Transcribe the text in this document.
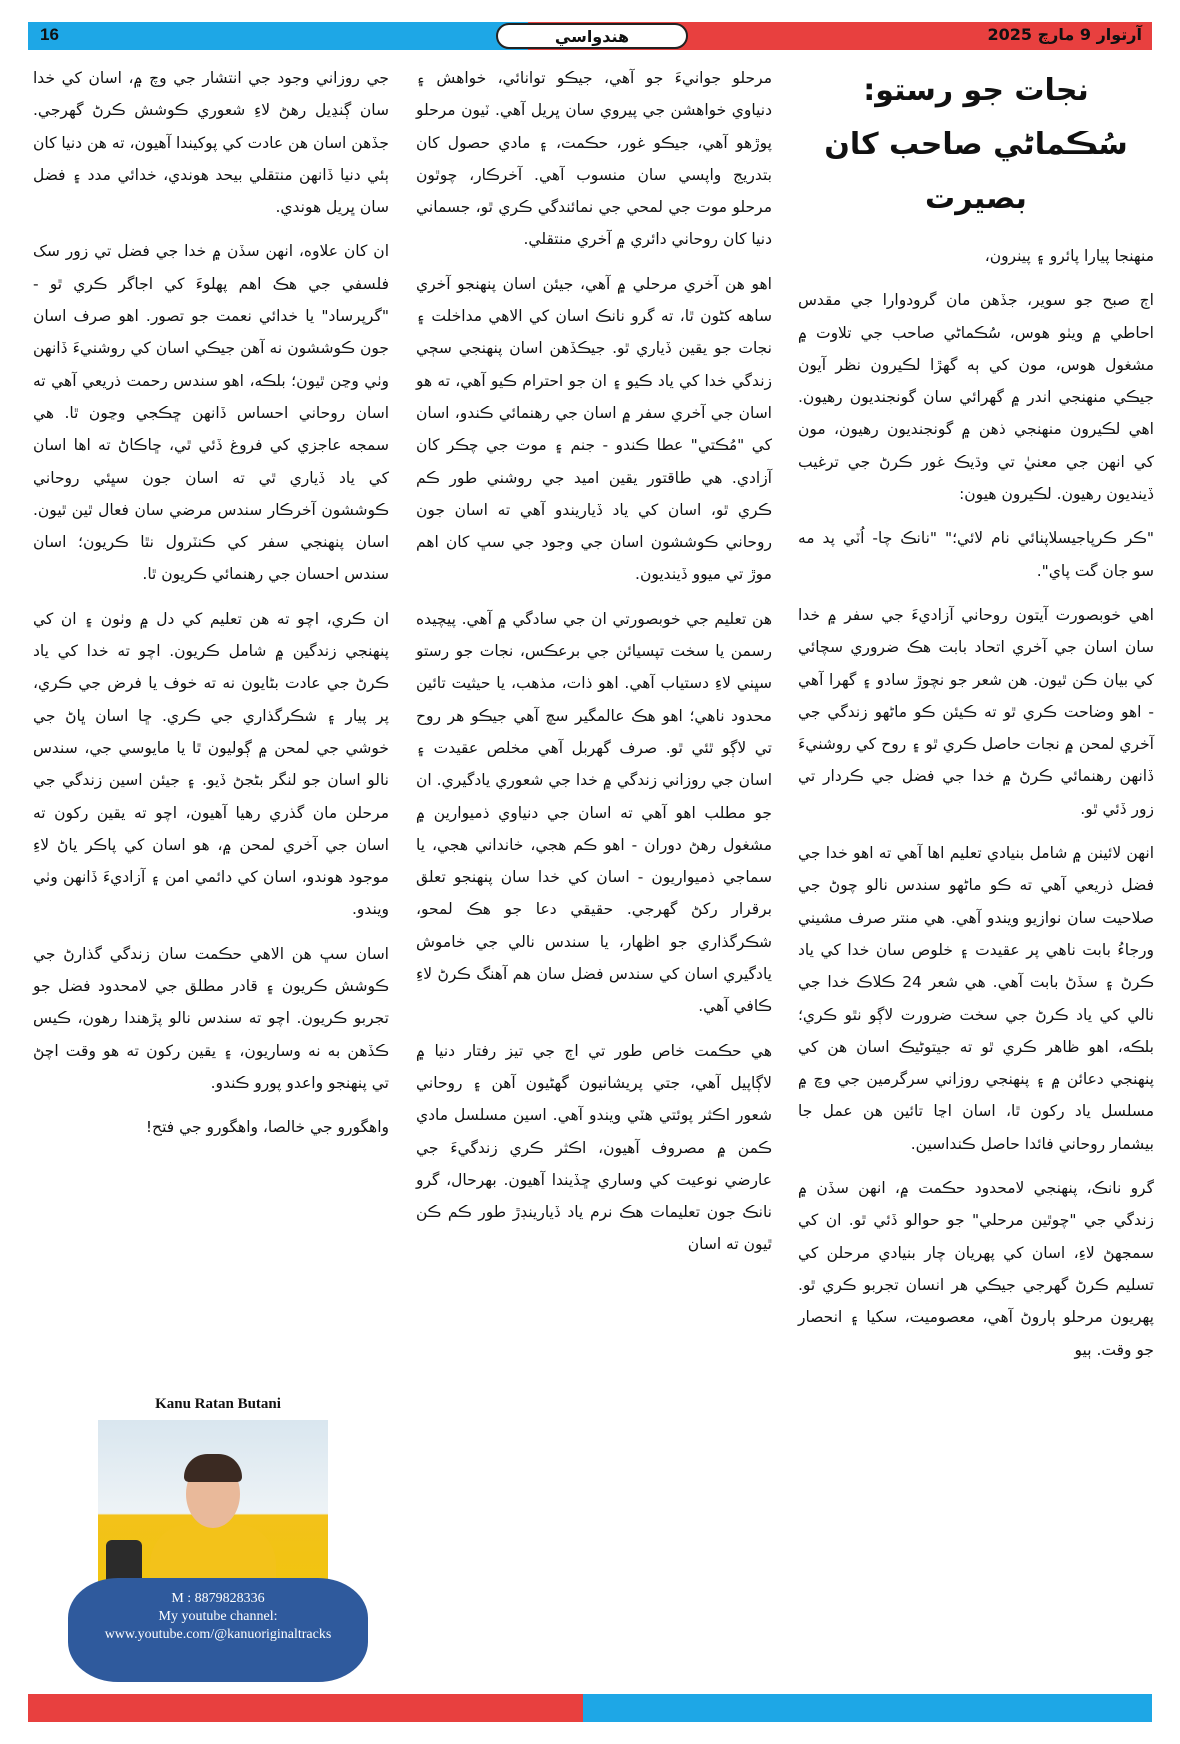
16	هندواسي	آرتوار 9 مارچ 2025
نجات جو رستو: سُڪماڻي صاحب کان بصيرت

منهنجا پيارا پائرو ۽ پينرون،

اڄ صبح جو سوير، جڏهن مان گرودوارا جي مقدس احاطي ۾ ويٺو هوس، سُڪماڻي صاحب جي تلاوت ۾ مشغول هوس، مون کي ٻه گهڙا لڪيرون نظر آيون جيڪي منهنجي اندر ۾ گهرائي سان گونجنديون رهيون. اهي لڪيرون منهنجي ذهن ۾ گونجنديون رهيون، مون کي انهن جي معنيٰ تي وڌيڪ غور ڪرڻ جي ترغيب ڏينديون رهيون. لڪيرون هيون:

"ڪر ڪرپاجيسلاپنائي نام لائي؛" "نانڪ چا- اُٽي پد مه سو جان گت پاي".

اهي خوبصورت آيتون روحاني آزاديءَ جي سفر ۾ خدا سان اسان جي آخري اتحاد بابت هڪ ضروري سچائي کي بيان ڪن ٿيون. هن شعر جو نچوڙ سادو ۽ گهرا آهي - اهو وضاحت ڪري ٿو ته ڪيئن ڪو ماڻهو زندگي جي آخري لمحن ۾ نجات حاصل ڪري ٿو ۽ روح کي روشنيءَ ڏانهن رهنمائي ڪرڻ ۾ خدا جي فضل جي ڪردار تي زور ڏئي ٿو.

انهن لائينن ۾ شامل بنيادي تعليم اها آهي ته اهو خدا جي فضل ذريعي آهي ته ڪو ماڻهو سندس نالو چوڻ جي صلاحيت سان نوازيو ويندو آهي. هي منتر صرف مشيني ورجاءُ بابت ناهي پر عقيدت ۽ خلوص سان خدا کي ياد ڪرڻ ۽ سڏڻ بابت آهي. هي شعر 24 ڪلاڪ خدا جي نالي کي ياد ڪرڻ جي سخت ضرورت لاڳو نٿو ڪري؛ بلڪه، اهو ظاهر ڪري ٿو ته جيتوڻيڪ اسان هن کي پنهنجي دعائن ۾ ۽ پنهنجي روزاني سرگرمين جي وچ ۾ مسلسل ياد رکون ٿا، اسان اڃا تائين هن عمل جا بيشمار روحاني فائدا حاصل ڪنداسين.

گرو نانڪ، پنهنجي لامحدود حڪمت ۾، انهن سڏن ۾ زندگي جي "چوٿين مرحلي" جو حوالو ڏئي ٿو. ان کي سمجهڻ لاءِ، اسان کي پهريان چار بنيادي مرحلن کي تسليم ڪرڻ گهرجي جيڪي هر انسان تجربو ڪري ٿو. پهريون مرحلو ٻاروڻ آهي، معصوميت، سکيا ۽ انحصار جو وقت. ٻيو

مرحلو جوانيءَ جو آهي، جيڪو توانائي، خواهش ۽ دنياوي خواهشن جي پيروي سان ڀريل آهي. ٽيون مرحلو پوڙهو آهي، جيڪو غور، حڪمت، ۽ مادي حصول کان بتدريج واپسي سان منسوب آهي. آخرڪار، چوٿون مرحلو موت جي لمحي جي نمائندگي ڪري ٿو، جسماني دنيا کان روحاني دائري ۾ آخري منتقلي.

اهو هن آخري مرحلي ۾ آهي، جيئن اسان پنهنجو آخري ساهه کڻون ٿا، ته گرو نانڪ اسان کي الاهي مداخلت ۽ نجات جو يقين ڏياري ٿو. جيڪڏهن اسان پنهنجي سڄي زندگي خدا کي ياد ڪيو ۽ ان جو احترام ڪيو آهي، ته هو اسان جي آخري سفر ۾ اسان جي رهنمائي ڪندو، اسان کي "مُڪتي" عطا ڪندو - جنم ۽ موت جي چڪر کان آزادي. هي طاقتور يقين اميد جي روشني طور ڪم ڪري ٿو، اسان کي ياد ڏياريندو آهي ته اسان جون روحاني ڪوششون اسان جي وجود جي سڀ کان اهم موڙ تي ميوو ڏينديون.

هن تعليم جي خوبصورتي ان جي سادگي ۾ آهي. پيچيده رسمن يا سخت تپسيائن جي برعڪس، نجات جو رستو سڀني لاءِ دستياب آهي. اهو ذات، مذهب، يا حيثيت تائين محدود ناهي؛ اهو هڪ عالمگير سچ آهي جيڪو هر روح تي لاڳو ٿئي ٿو. صرف گهربل آهي مخلص عقيدت ۽ اسان جي روزاني زندگي ۾ خدا جي شعوري يادگيري. ان جو مطلب اهو آهي ته اسان جي دنياوي ذميوارين ۾ مشغول رهڻ دوران - اهو ڪم هجي، خانداني هجي، يا سماجي ذميواريون - اسان کي خدا سان پنهنجو تعلق برقرار رکڻ گهرجي. حقيقي دعا جو هڪ لمحو، شڪرگذاري جو اظهار، يا سندس نالي جي خاموش يادگيري اسان کي سندس فضل سان هم آهنگ ڪرڻ لاءِ ڪافي آهي.

هي حڪمت خاص طور تي اڄ جي تيز رفتار دنيا ۾ لاڳاپيل آهي، جتي پريشانيون گهڻيون آهن ۽ روحاني شعور اڪثر پوئتي هٽي ويندو آهي. اسين مسلسل مادي ڪمن ۾ مصروف آهيون، اڪثر ڪري زندگيءَ جي عارضي نوعيت کي وساري ڇڏيندا آهيون. بهرحال، گرو نانڪ جون تعليمات هڪ نرم ياد ڏيارينڊڙ طور ڪم ڪن ٿيون ته اسان

جي روزاني وجود جي انتشار جي وچ ۾، اسان کي خدا سان ڳنڍيل رهڻ لاءِ شعوري ڪوشش ڪرڻ گهرجي. جڏهن اسان هن عادت کي پوکيندا آهيون، ته هن دنيا کان ٻئي دنيا ڏانهن منتقلي بيحد هوندي، خدائي مدد ۽ فضل سان ڀريل هوندي.

ان کان علاوه، انهن سڏن ۾ خدا جي فضل تي زور سک فلسفي جي هڪ اهم پهلوءَ کي اجاگر ڪري ٿو - "گرپرساد" يا خدائي نعمت جو تصور. اهو صرف اسان جون ڪوششون نه آهن جيڪي اسان کي روشنيءَ ڏانهن وٺي وڃن ٿيون؛ بلڪه، اهو سندس رحمت ذريعي آهي ته اسان روحاني احساس ڏانهن ڇڪجي وڃون ٿا. هي سمجه عاجزي کي فروغ ڏئي ٿي، ڇاڪاڻ ته اها اسان کي ياد ڏياري ٿي ته اسان جون سڀئي روحاني ڪوششون آخرڪار سندس مرضي سان فعال ٿين ٿيون. اسان پنهنجي سفر کي ڪنٽرول نٿا ڪريون؛ اسان سندس احسان جي رهنمائي ڪريون ٿا.

ان ڪري، اچو ته هن تعليم کي دل ۾ وٺون ۽ ان کي پنهنجي زندگين ۾ شامل ڪريون. اچو ته خدا کي ياد ڪرڻ جي عادت بڻايون نه ته خوف يا فرض جي ڪري، پر پيار ۽ شڪرگذاري جي ڪري. ڇا اسان ڀاڻ جي خوشي جي لمحن ۾ ڳوليون ٿا يا مايوسي جي، سندس نالو اسان جو لنگر بڻجڻ ڏيو. ۽ جيئن اسين زندگي جي مرحلن مان گذري رهيا آهيون، اچو ته يقين رکون ته اسان جي آخري لمحن ۾، هو اسان کي پاڪر ياڻ لاءِ موجود هوندو، اسان کي دائمي امن ۽ آزاديءَ ڏانهن وٺي ويندو.

اسان سڀ هن الاهي حڪمت سان زندگي گذارڻ جي ڪوشش ڪريون ۽ قادر مطلق جي لامحدود فضل جو تجربو ڪريون. اچو ته سندس نالو پڙهندا رهون، ڪيس ڪڏهن به نه وساريون، ۽ يقين رکون ته هو وقت اچڻ تي پنهنجو واعدو پورو ڪندو.

واهگورو جي خالصا، واهگورو جي فتح!

Kanu Ratan Butani
M : 8879828336
My youtube channel:
www.youtube.com/@kanuoriginaltracks
